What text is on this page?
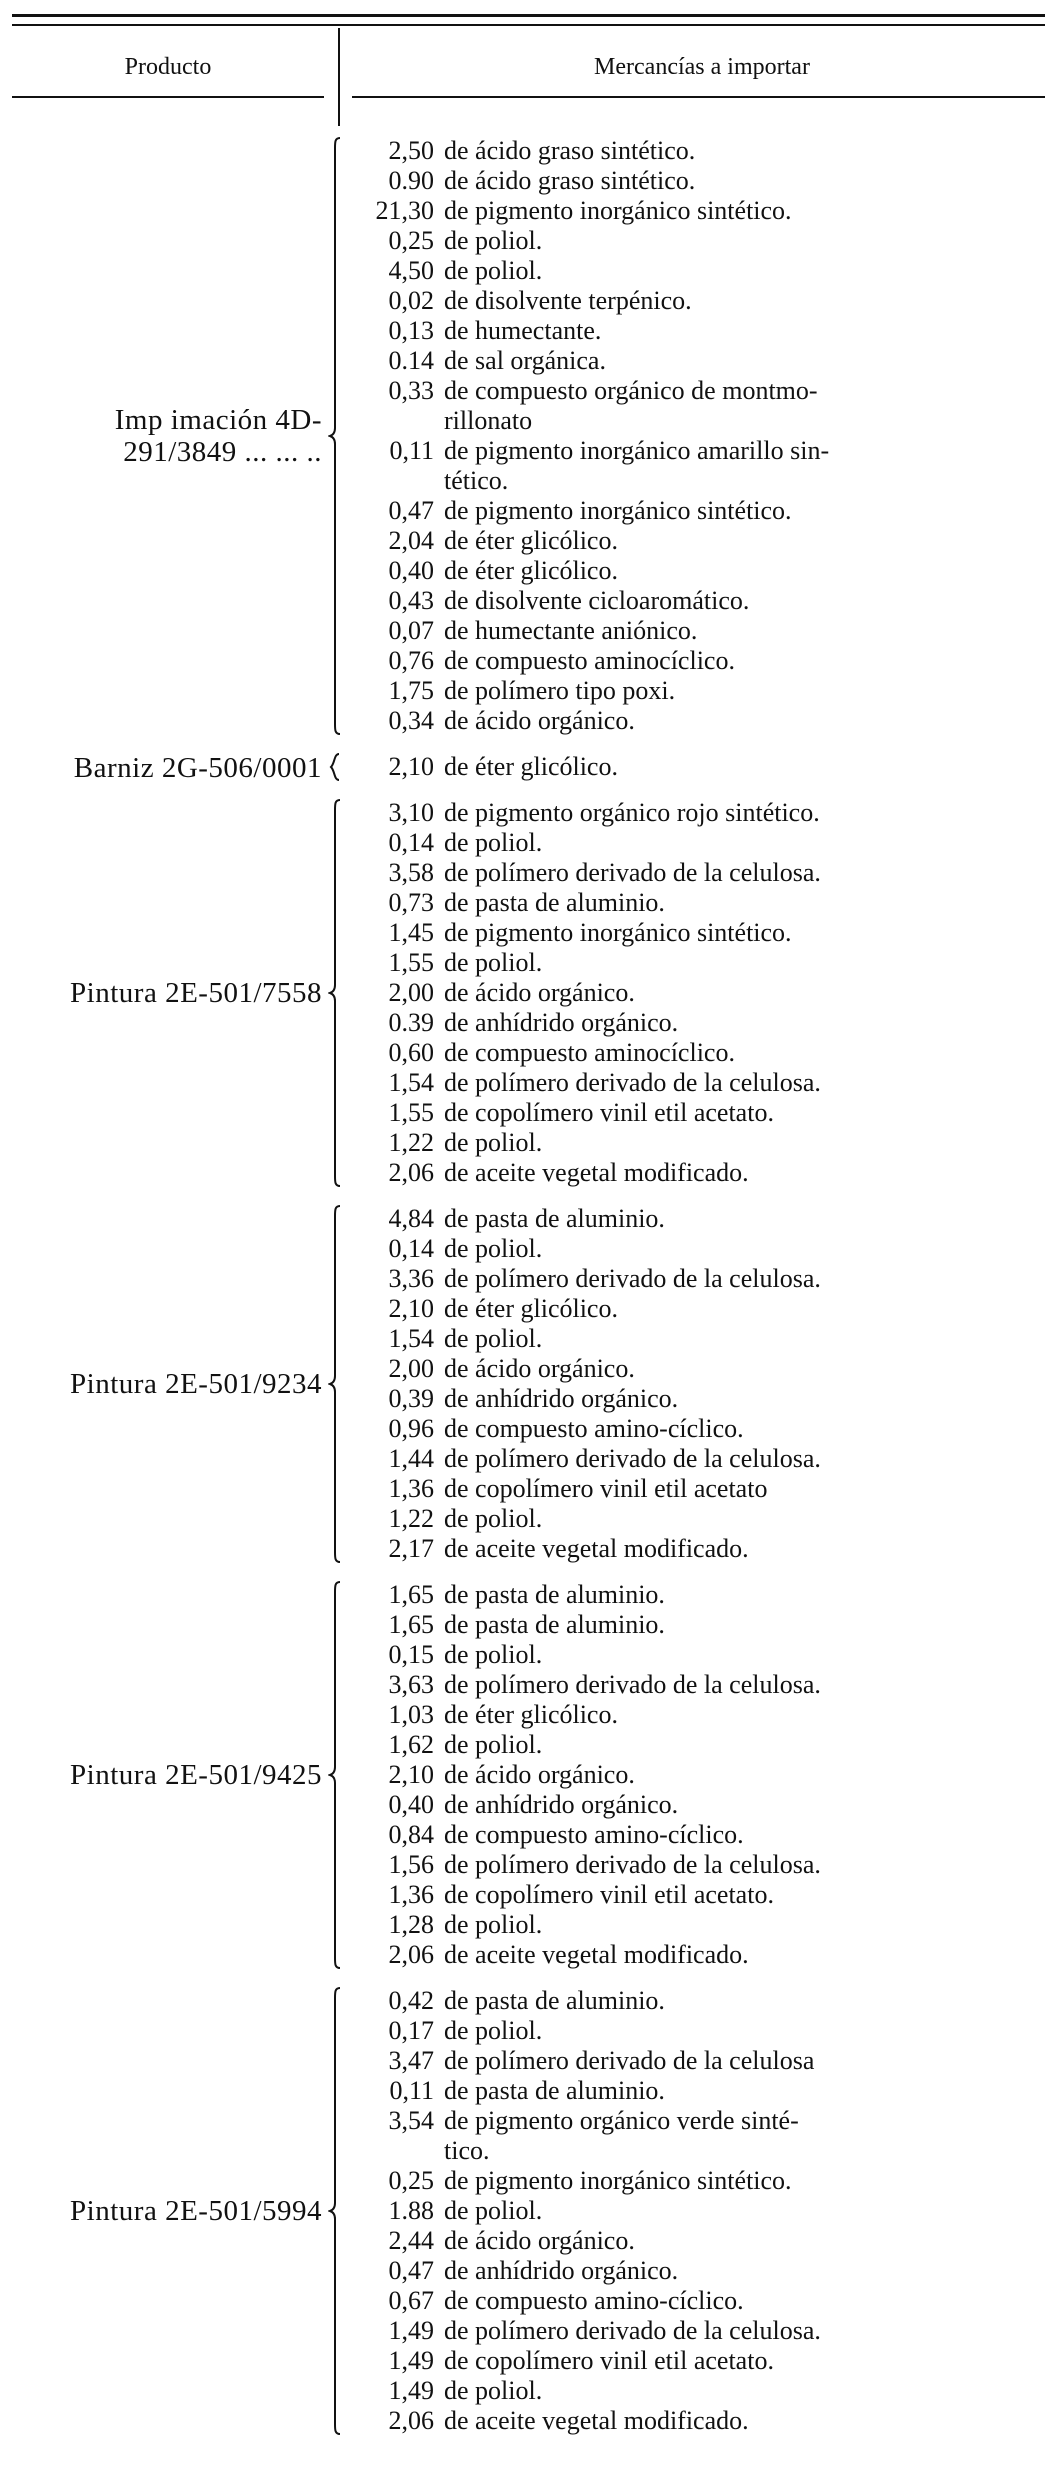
Producto	Mercancías a importar
Imp imación 4D-
291/3849 ... ... ..
2,50 de ácido graso sintético.
0.90 de ácido graso sintético.
21,30 de pigmento inorgánico sintético.
0,25 de poliol.
4,50 de poliol.
0,02 de disolvente terpénico.
0,13 de humectante.
0.14 de sal orgánica.
0,33 de compuesto orgánico de montmo-
rillonato
0,11 de pigmento inorgánico amarillo sin-
tético.
0,47 de pigmento inorgánico sintético.
2,04 de éter glicólico.
0,40 de éter glicólico.
0,43 de disolvente cicloaromático.
0,07 de humectante aniónico.
0,76 de compuesto aminocíclico.
1,75 de polímero tipo poxi.
0,34 de ácido orgánico.
Barniz 2G-506/0001	2,10 de éter glicólico.
Pintura 2E-501/7558
3,10 de pigmento orgánico rojo sintético.
0,14 de poliol.
3,58 de polímero derivado de la celulosa.
0,73 de pasta de aluminio.
1,45 de pigmento inorgánico sintético.
1,55 de poliol.
2,00 de ácido orgánico.
0.39 de anhídrido orgánico.
0,60 de compuesto aminocíclico.
1,54 de polímero derivado de la celulosa.
1,55 de copolímero vinil etil acetato.
1,22 de poliol.
2,06 de aceite vegetal modificado.
Pintura 2E-501/9234
4,84 de pasta de aluminio.
0,14 de poliol.
3,36 de polímero derivado de la celulosa.
2,10 de éter glicólico.
1,54 de poliol.
2,00 de ácido orgánico.
0,39 de anhídrido orgánico.
0,96 de compuesto amino-cíclico.
1,44 de polímero derivado de la celulosa.
1,36 de copolímero vinil etil acetato
1,22 de poliol.
2,17 de aceite vegetal modificado.
Pintura 2E-501/9425
1,65 de pasta de aluminio.
1,65 de pasta de aluminio.
0,15 de poliol.
3,63 de polímero derivado de la celulosa.
1,03 de éter glicólico.
1,62 de poliol.
2,10 de ácido orgánico.
0,40 de anhídrido orgánico.
0,84 de compuesto amino-cíclico.
1,56 de polímero derivado de la celulosa.
1,36 de copolímero vinil etil acetato.
1,28 de poliol.
2,06 de aceite vegetal modificado.
Pintura 2E-501/5994
0,42 de pasta de aluminio.
0,17 de poliol.
3,47 de polímero derivado de la celulosa
0,11 de pasta de aluminio.
3,54 de pigmento orgánico verde sinté-
tico.
0,25 de pigmento inorgánico sintético.
1.88 de poliol.
2,44 de ácido orgánico.
0,47 de anhídrido orgánico.
0,67 de compuesto amino-cíclico.
1,49 de polímero derivado de la celulosa.
1,49 de copolímero vinil etil acetato.
1,49 de poliol.
2,06 de aceite vegetal modificado.
